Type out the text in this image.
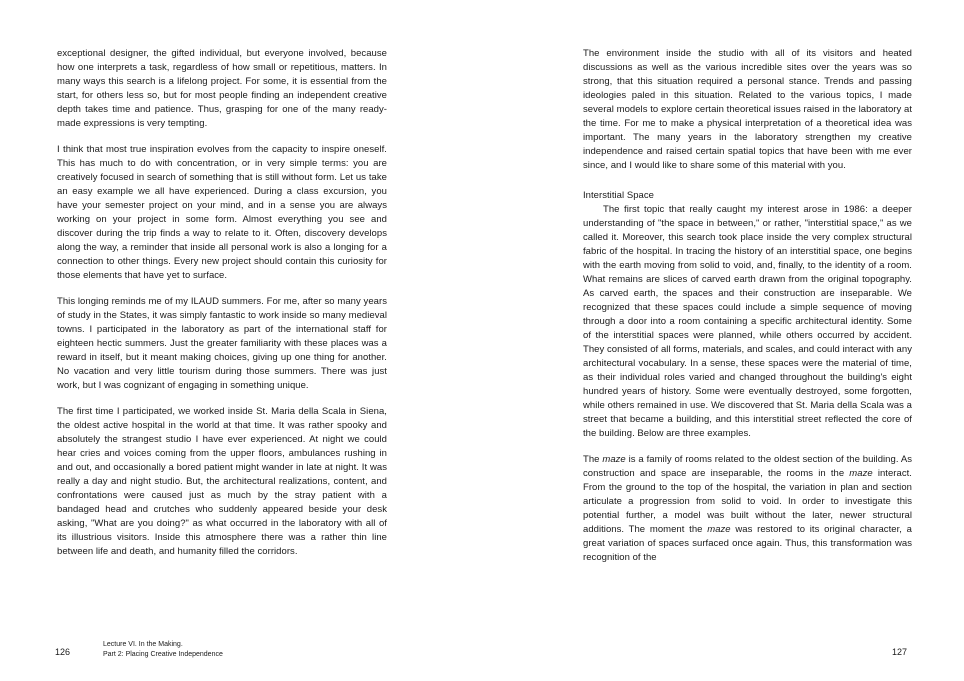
exceptional designer, the gifted individual, but everyone involved, because how one interprets a task, regardless of how small or repetitious, matters. In many ways this search is a lifelong project. For some, it is essential from the start, for others less so, but for most people finding an independent creative depth takes time and patience. Thus, grasping for one of the many ready-made expressions is very tempting.

I think that most true inspiration evolves from the capacity to inspire oneself. This has much to do with concentration, or in very simple terms: you are creatively focused in search of something that is still without form. Let us take an easy example we all have experienced. During a class excursion, you have your semester project on your mind, and in a sense you are always working on your project in some form. Almost everything you see and discover during the trip finds a way to relate to it. Often, discovery develops along the way, a reminder that inside all personal work is also a longing for a connection to other things. Every new project should contain this curiosity for those elements that have yet to surface.

This longing reminds me of my ILAUD summers. For me, after so many years of study in the States, it was simply fantastic to work inside so many medieval towns. I participated in the laboratory as part of the international staff for eighteen hectic summers. Just the greater familiarity with these places was a reward in itself, but it meant making choices, giving up one thing for another. No vacation and very little tourism during those summers. There was just work, but I was cognizant of engaging in something unique.

The first time I participated, we worked inside St. Maria della Scala in Siena, the oldest active hospital in the world at that time. It was rather spooky and absolutely the strangest studio I have ever experienced. At night we could hear cries and voices coming from the upper floors, ambulances rushing in and out, and occasionally a bored patient might wander in late at night. It was really a day and night studio. But, the architectural realizations, content, and confrontations were caused just as much by the stray patient with a bandaged head and crutches who suddenly appeared beside your desk asking, "What are you doing?" as what occurred in the laboratory with all of its illustrious visitors. Inside this atmosphere there was a rather thin line between life and death, and humanity filled the corridors.

The environment inside the studio with all of its visitors and heated discussions as well as the various incredible sites over the years was so strong, that this situation required a personal stance. Trends and passing ideologies paled in this situation. Related to the various topics, I made several models to explore certain theoretical issues raised in the laboratory at the time. For me to make a physical interpretation of a theoretical idea was important. The many years in the laboratory strengthen my creative independence and raised certain spatial topics that have been with me ever since, and I would like to share some of this material with you.

Interstitial Space

The first topic that really caught my interest arose in 1986: a deeper understanding of "the space in between," or rather, "interstitial space," as we called it. Moreover, this search took place inside the very complex structural fabric of the hospital. In tracing the history of an interstitial space, one begins with the earth moving from solid to void, and, finally, to the identity of a room. What remains are slices of carved earth drawn from the original topography. As carved earth, the spaces and their construction are inseparable. We recognized that these spaces could include a simple sequence of moving through a door into a room containing a specific architectural identity. Some of the interstitial spaces were planned, while others occurred by accident. They consisted of all forms, materials, and scales, and could interact with any architectural vocabulary. In a sense, these spaces were the material of time, as their individual roles varied and changed throughout the building's eight hundred years of history. Some were eventually destroyed, some forgotten, while others remained in use. We discovered that St. Maria della Scala was a street that became a building, and this interstitial street reflected the core of the building. Below are three examples.

The maze is a family of rooms related to the oldest section of the building. As construction and space are inseparable, the rooms in the maze interact. From the ground to the top of the hospital, the variation in plan and section articulate a progression from solid to void. In order to investigate this potential further, a model was built without the later, newer structural additions. The moment the maze was restored to its original character, a great variation of spaces surfaced once again. Thus, this transformation was recognition of the

126
Lecture VI. In the Making.
Part 2: Placing Creative Independence	127
